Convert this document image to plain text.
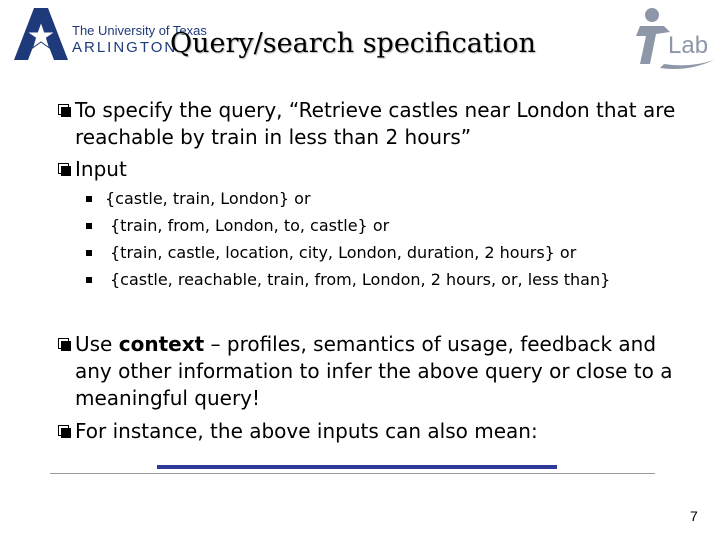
The University of Texas
ARLINGTON
Query/search specification	Lab
To specify the query, “Retrieve castles near London that are reachable by train in less than 2 hours”
Input
{castle, train, London} or
{train, from, London, to, castle} or
{train, castle, location, city, London, duration, 2 hours} or
{castle, reachable, train, from, London, 2 hours, or, less than}
Use context – profiles, semantics of usage, feedback and any other information to infer the above query or close to a meaningful query!
For instance, the above inputs can also mean:
7
